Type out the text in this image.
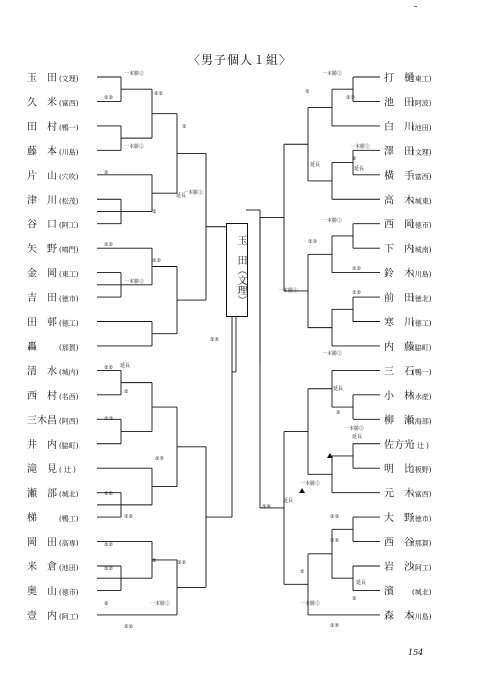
〈男子個人１組〉
玉　田 (文理)
久　米 (富西)
田　村 (鴨一)
藤　本 (川島)
片　山 (穴吹)
津　川 (松茂)
谷　口 (阿工)
矢　野 (鳴門)
金　岡 (東工)
吉　田 (徳市)
田　邨 (徳工)
轟	(那賀)
清　水 (城内)
西　村 (名西)
三木昌 (阿西)
井　内 (脇町)
滝　見 ( 辻 )
瀬　部 (城北)
梯	(鴨工)
岡　田 (高専)
米　倉 (池田)
奥　山 (徳市)
壹　内 (阿工)
打　樋
(東工)
池　田
(阿波)
白　川
(池田)
澤　田
(文理)
橫　手
(富西)
高　木
(城東)
西　岡
(徳市)
下　内
(城南)
鈴　木
(川島)
前　田
(徳北)
寒　川
(徳工)
内　藤
(脇町)
三　石
(鴨一)
小　林
(水産)
柳　瀬
(海部)
佐方光
( 辻 )
明　比
(板野)
元　木
(富西)
大　野
(徳市)
西　谷
(那賀)
岩　沙
(阿工)
濱	(城北)
森　本
(川島)
一本勝②
②②
一本勝②
②
②②
一本勝②
②② 延長
②③
②②
②②
②②
②
②②
②
②②
②
②⑤
②②
②
②②
一本勝②
②
延長
一本勝②
③②
②⑤
一本勝②
②③
②
一本勝②
②
延長
延長
一本勝②
②③
②②
①②
一本勝①
一本勝②
延長
②
一本勝②
延長
一本勝②
延長
⑤④
②③
②⑤
②
延長
②
一本勝②
②⑤
玉　田（文理）
154
